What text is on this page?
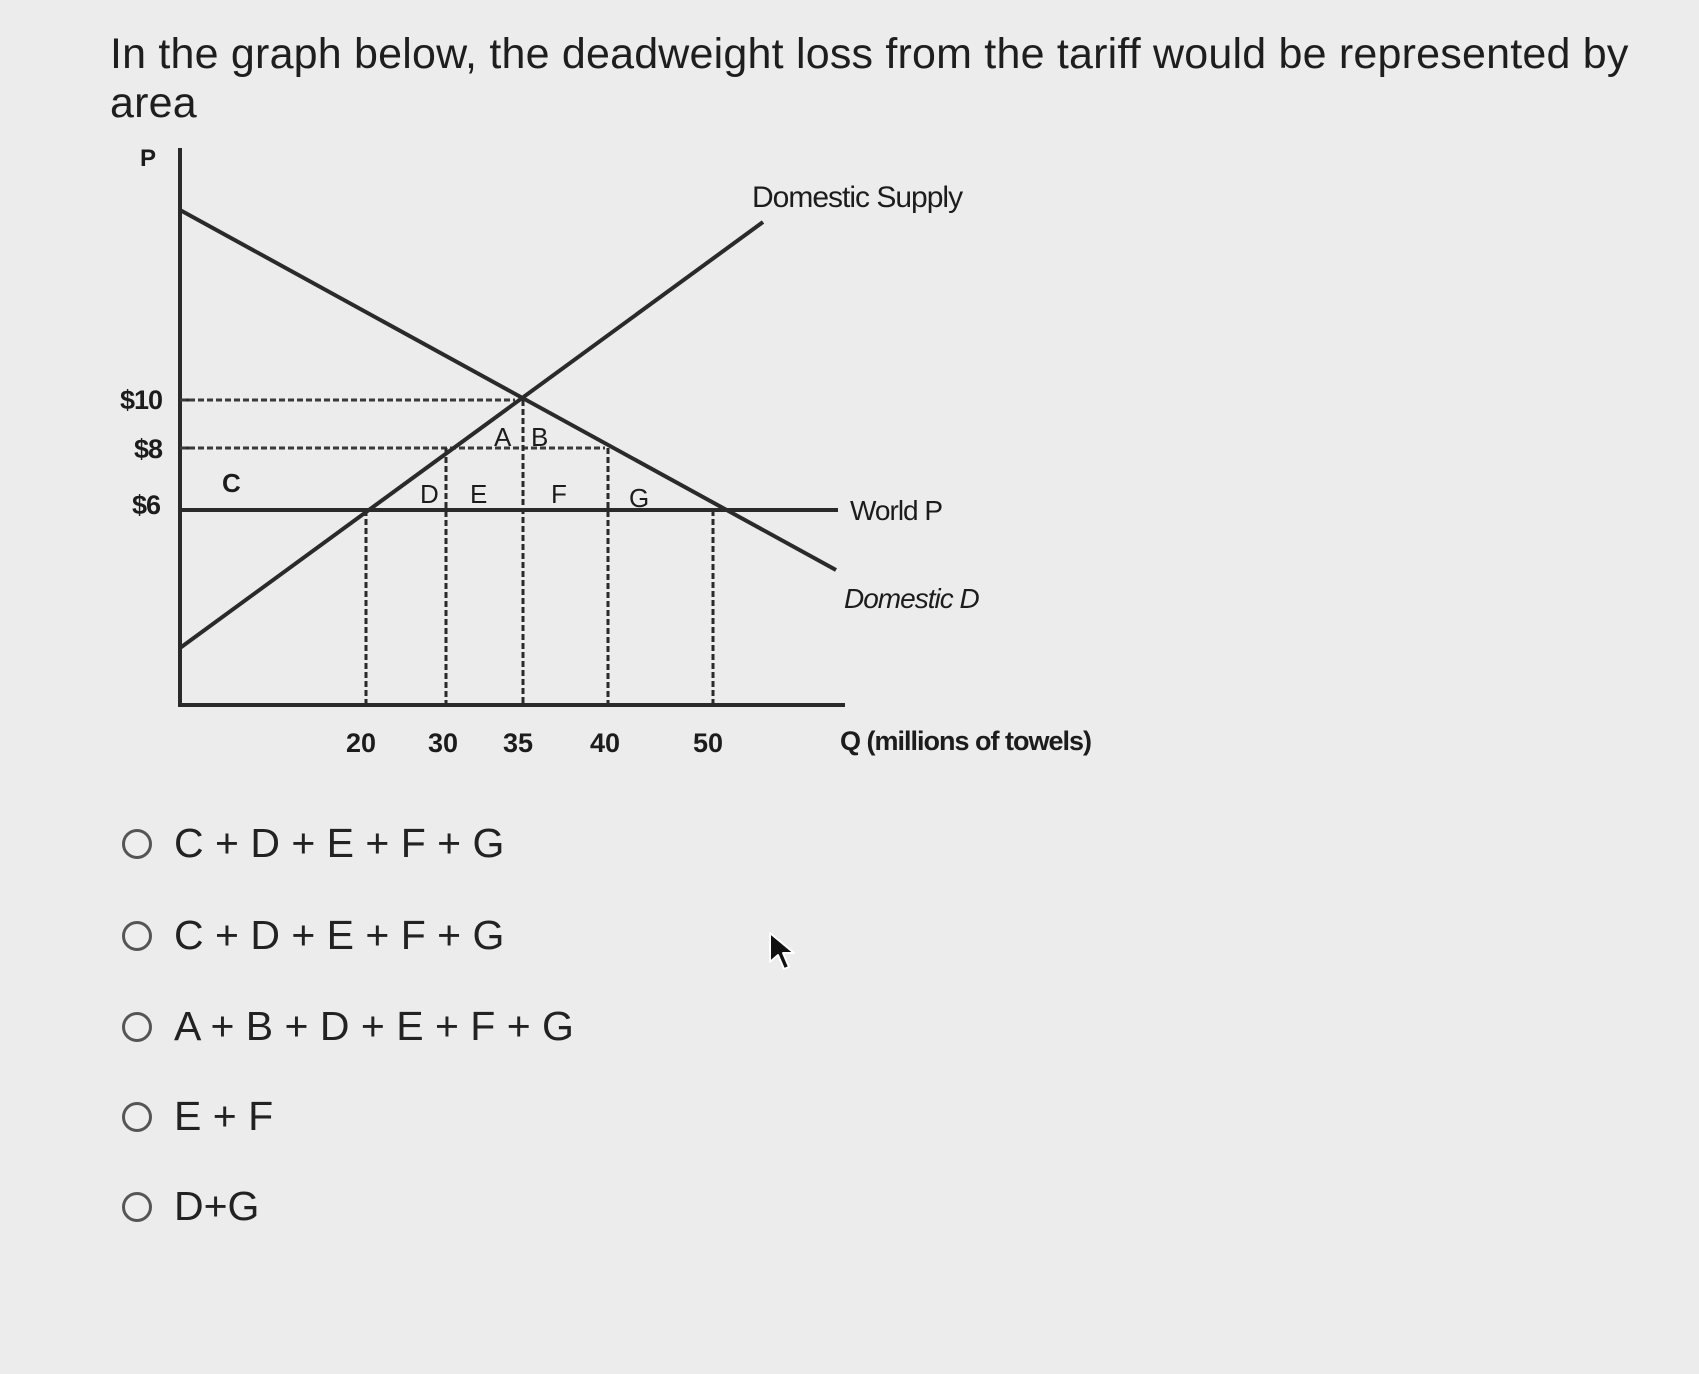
In the graph below, the deadweight loss from the tariff would be represented by area
P
Q (millions of towels)
$10
$8
$6
20 30 35 40	50
Domestic Supply
World P
Domestic D
A B
C	D E F G
C + D + E + F + G
C + D + E + F + G
A + B + D + E + F + G
E + F
D+G
